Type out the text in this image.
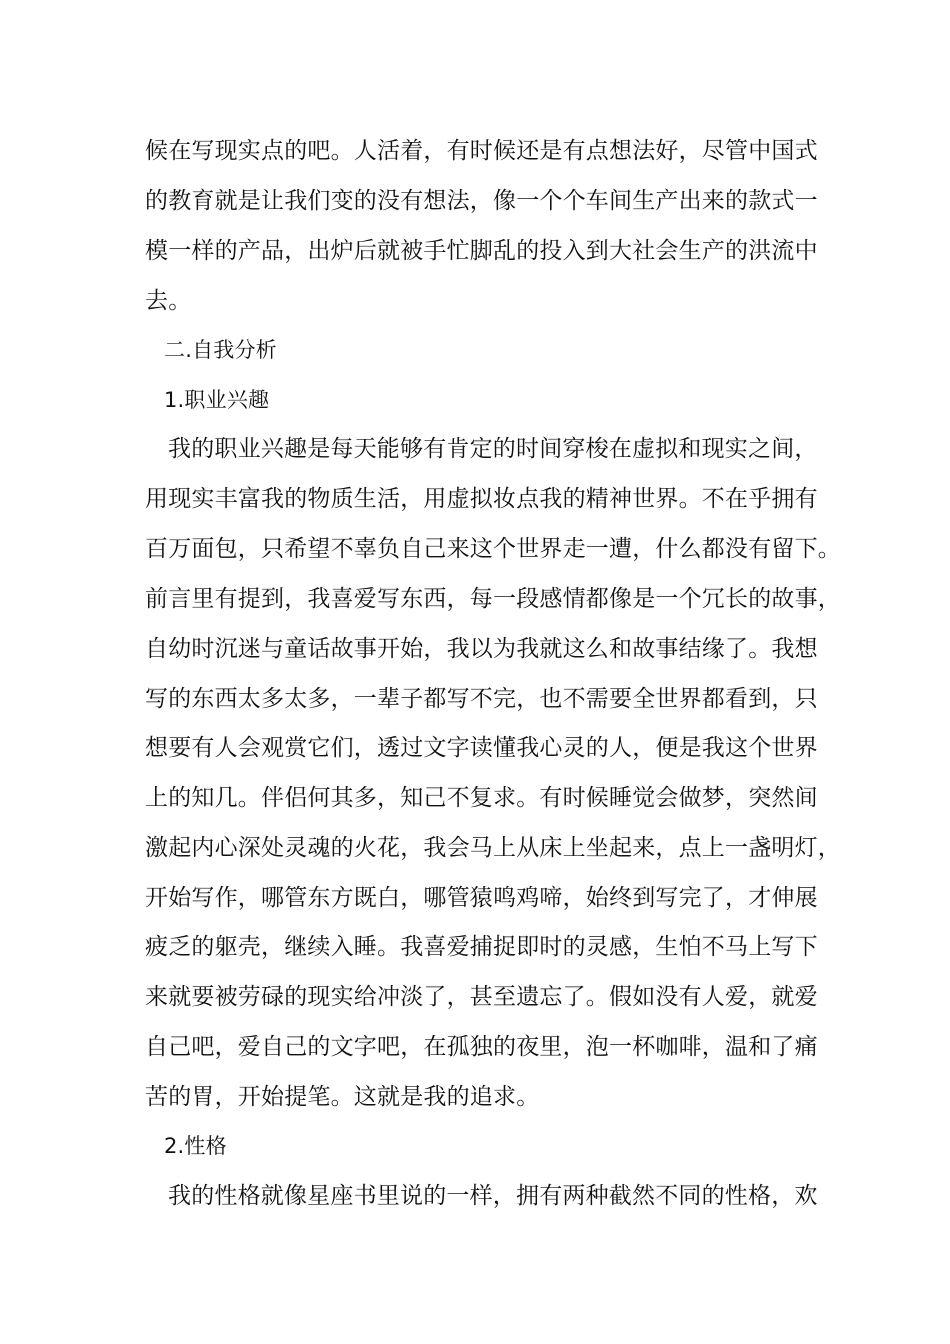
候在写现实点的吧。人活着，有时候还是有点想法好，尽管中国式
的教育就是让我们变的没有想法，像一个个车间生产出来的款式一
模一样的产品，出炉后就被手忙脚乱的投入到大社会生产的洪流中
去。
二.自我分析
1.职业兴趣
我的职业兴趣是每天能够有肯定的时间穿梭在虚拟和现实之间，
用现实丰富我的物质生活，用虚拟妆点我的精神世界。不在乎拥有
百万面包，只希望不辜负自己来这个世界走一遭，什么都没有留下。
前言里有提到，我喜爱写东西，每一段感情都像是一个冗长的故事，
自幼时沉迷与童话故事开始，我以为我就这么和故事结缘了。我想
写的东西太多太多，一辈子都写不完，也不需要全世界都看到，只
想要有人会观赏它们，透过文字读懂我心灵的人，便是我这个世界
上的知几。伴侣何其多，知己不复求。有时候睡觉会做梦，突然间
激起内心深处灵魂的火花，我会马上从床上坐起来，点上一盏明灯，
开始写作，哪管东方既白，哪管猿鸣鸡啼，始终到写完了，才伸展
疲乏的躯壳，继续入睡。我喜爱捕捉即时的灵感，生怕不马上写下
来就要被劳碌的现实给冲淡了，甚至遗忘了。假如没有人爱，就爱
自己吧，爱自己的文字吧，在孤独的夜里，泡一杯咖啡，温和了痛
苦的胃，开始提笔。这就是我的追求。
2.性格
我的性格就像星座书里说的一样，拥有两种截然不同的性格，欢
